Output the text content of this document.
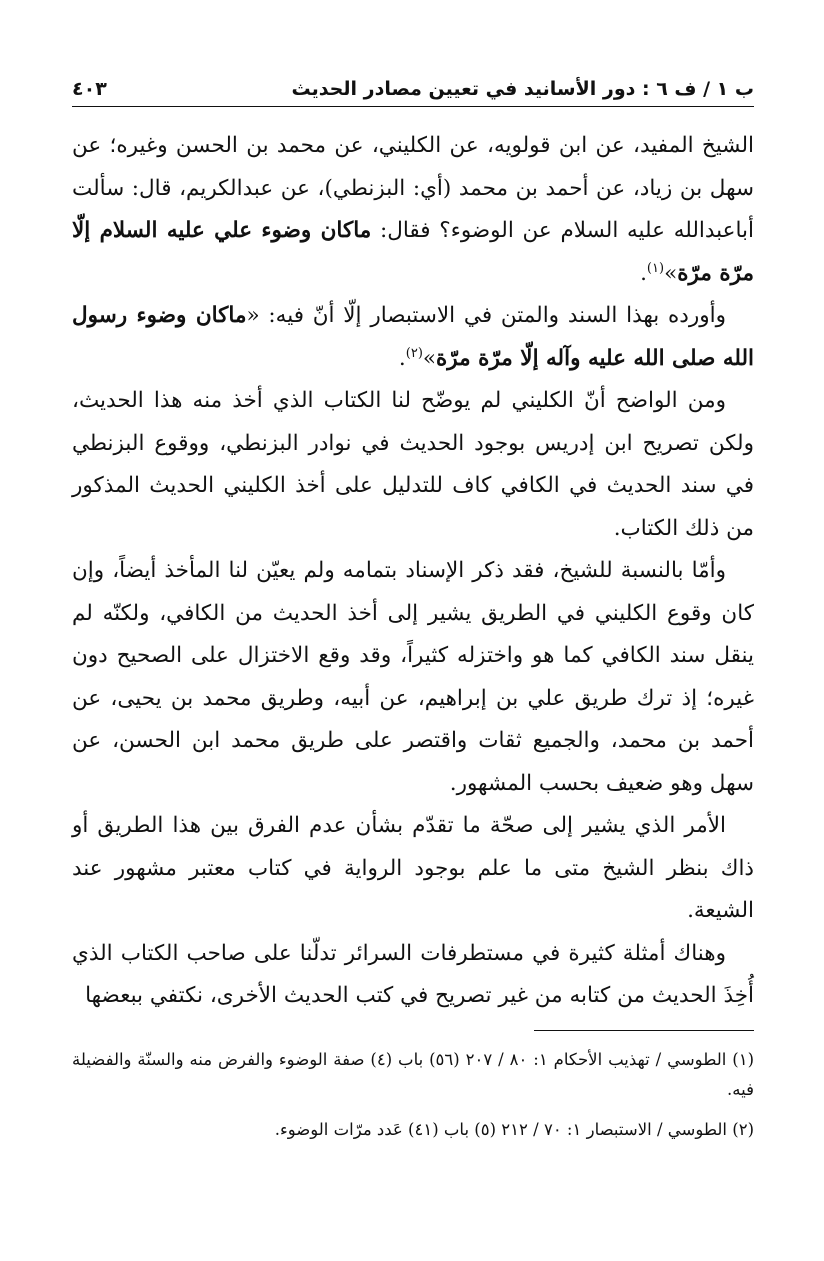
ب ١ / ف ٦ : دور الأسانيد في تعيين مصادر الحديث
٤٠٣

الشيخ المفيد، عن ابن قولويه، عن الكليني، عن محمد بن الحسن وغيره؛ عن سهل بن زياد، عن أحمد بن محمد (أي: البزنطي)، عن عبدالكريم، قال: سألت أباعبدالله عليه السلام عن الوضوء؟ فقال: ماكان وضوء علي عليه السلام إلّا مرّة مرّة»$^{(١)}$.

وأورده بهذا السند والمتن في الاستبصار إلّا أنّ فيه: «ماكان وضوء رسول الله صلى الله عليه وآله إلّا مرّة مرّة»$^{(٢)}$.

ومن الواضح أنّ الكليني لم يوضّح لنا الكتاب الذي أخذ منه هذا الحديث، ولكن تصريح ابن إدريس بوجود الحديث في نوادر البزنطي، ووقوع البزنطي في سند الحديث في الكافي كاف للتدليل على أخذ الكليني الحديث المذكور من ذلك الكتاب.

وأمّا بالنسبة للشيخ، فقد ذكر الإسناد بتمامه ولم يعيّن لنا المأخذ أيضاً، وإن كان وقوع الكليني في الطريق يشير إلى أخذ الحديث من الكافي، ولكنّه لم ينقل سند الكافي كما هو واختزله كثيراً، وقد وقع الاختزال على الصحيح دون غيره؛ إذ ترك طريق علي بن إبراهيم، عن أبيه، وطريق محمد بن يحيى، عن أحمد بن محمد، والجميع ثقات واقتصر على طريق محمد ابن الحسن، عن سهل وهو ضعيف بحسب المشهور.

الأمر الذي يشير إلى صحّة ما تقدّم بشأن عدم الفرق بين هذا الطريق أو ذاك بنظر الشيخ متى ما علم بوجود الرواية في كتاب معتبر مشهور عند الشيعة.

وهناك أمثلة كثيرة في مستطرفات السرائر تدلّنا على صاحب الكتاب الذي أُخِذَ الحديث من كتابه من غير تصريح في كتب الحديث الأخرى، نكتفي ببعضها

(١) الطوسي / تهذيب الأحكام ١: ٨٠ / ٢٠٧ (٥٦) باب (٤) صفة الوضوء والفرض منه والسنّة والفضيلة فيه.
(٢) الطوسي / الاستبصار ١: ٧٠ / ٢١٢ (٥) باب (٤١) عَدد مرّات الوضوء.
